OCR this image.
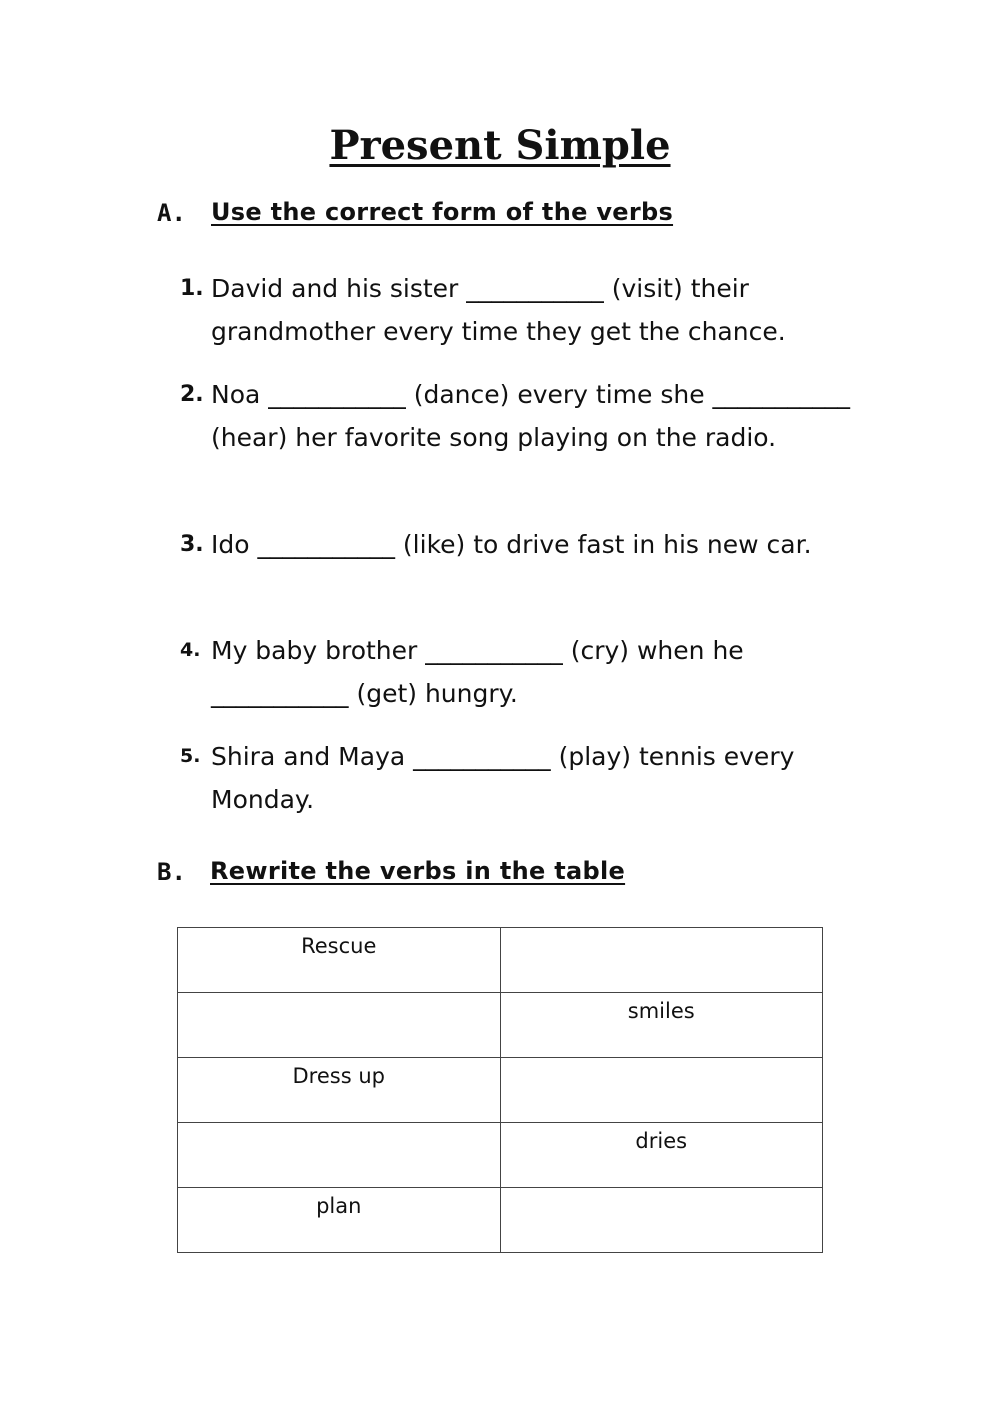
Present Simple
A. Use the correct form of the verbs
1. David and his sister ___________ (visit) their grandmother every time they get the chance.
2. Noa ___________ (dance) every time she ___________ (hear) her favorite song playing on the radio.
3. Ido ___________ (like) to drive fast in his new car.
4. My baby brother ___________ (cry) when he ___________ (get) hungry.
5. Shira and Maya ___________ (play) tennis every Monday.
B. Rewrite the verbs in the table
Rescue	
	smiles
Dress up	
	dries
plan	
